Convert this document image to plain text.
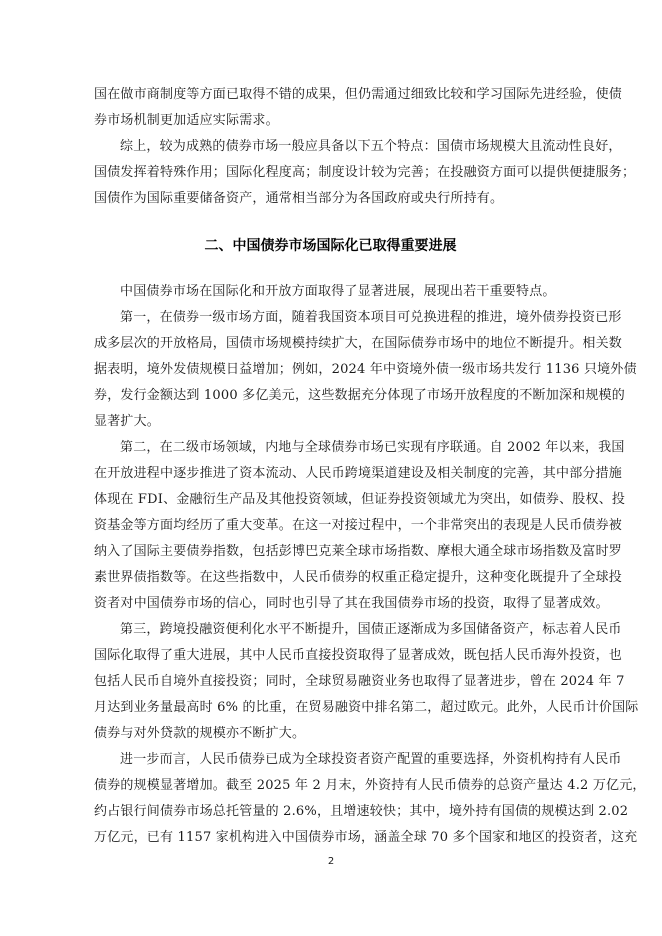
国在做市商制度等方面已取得不错的成果，但仍需通过细致比较和学习国际先进经验，使债
券市场机制更加适应实际需求。
综上，较为成熟的债券市场一般应具备以下五个特点：国债市场规模大且流动性良好，
国债发挥着特殊作用；国际化程度高；制度设计较为完善；在投融资方面可以提供便捷服务；
国债作为国际重要储备资产，通常相当部分为各国政府或央行所持有。
二、中国债券市场国际化已取得重要进展
中国债券市场在国际化和开放方面取得了显著进展，展现出若干重要特点。
第一，在债券一级市场方面，随着我国资本项目可兑换进程的推进，境外债券投资已形
成多层次的开放格局，国债市场规模持续扩大，在国际债券市场中的地位不断提升。相关数
据表明，境外发债规模日益增加；例如，2024 年中资境外债一级市场共发行 1136 只境外债
券，发行金额达到 1000 多亿美元，这些数据充分体现了市场开放程度的不断加深和规模的
显著扩大。
第二，在二级市场领域，内地与全球债券市场已实现有序联通。自 2002 年以来，我国
在开放进程中逐步推进了资本流动、人民币跨境渠道建设及相关制度的完善，其中部分措施
体现在 FDI、金融衍生产品及其他投资领域，但证券投资领域尤为突出，如债券、股权、投
资基金等方面均经历了重大变革。在这一对接过程中，一个非常突出的表现是人民币债券被
纳入了国际主要债券指数，包括彭博巴克莱全球市场指数、摩根大通全球市场指数及富时罗
素世界债指数等。在这些指数中，人民币债券的权重正稳定提升，这种变化既提升了全球投
资者对中国债券市场的信心，同时也引导了其在我国债券市场的投资，取得了显著成效。
第三，跨境投融资便利化水平不断提升，国债正逐渐成为多国储备资产，标志着人民币
国际化取得了重大进展，其中人民币直接投资取得了显著成效，既包括人民币海外投资，也
包括人民币自境外直接投资；同时，全球贸易融资业务也取得了显著进步，曾在 2024 年 7
月达到业务量最高时 6% 的比重，在贸易融资中排名第二，超过欧元。此外，人民币计价国际
债券与对外贷款的规模亦不断扩大。
进一步而言，人民币债券已成为全球投资者资产配置的重要选择，外资机构持有人民币
债券的规模显著增加。截至 2025 年 2 月末，外资持有人民币债券的总资产量达 4.2 万亿元，
约占银行间债券市场总托管量的 2.6%，且增速较快；其中，境外持有国债的规模达到 2.02
万亿元，已有 1157 家机构进入中国债券市场，涵盖全球 70 多个国家和地区的投资者，这充
2
